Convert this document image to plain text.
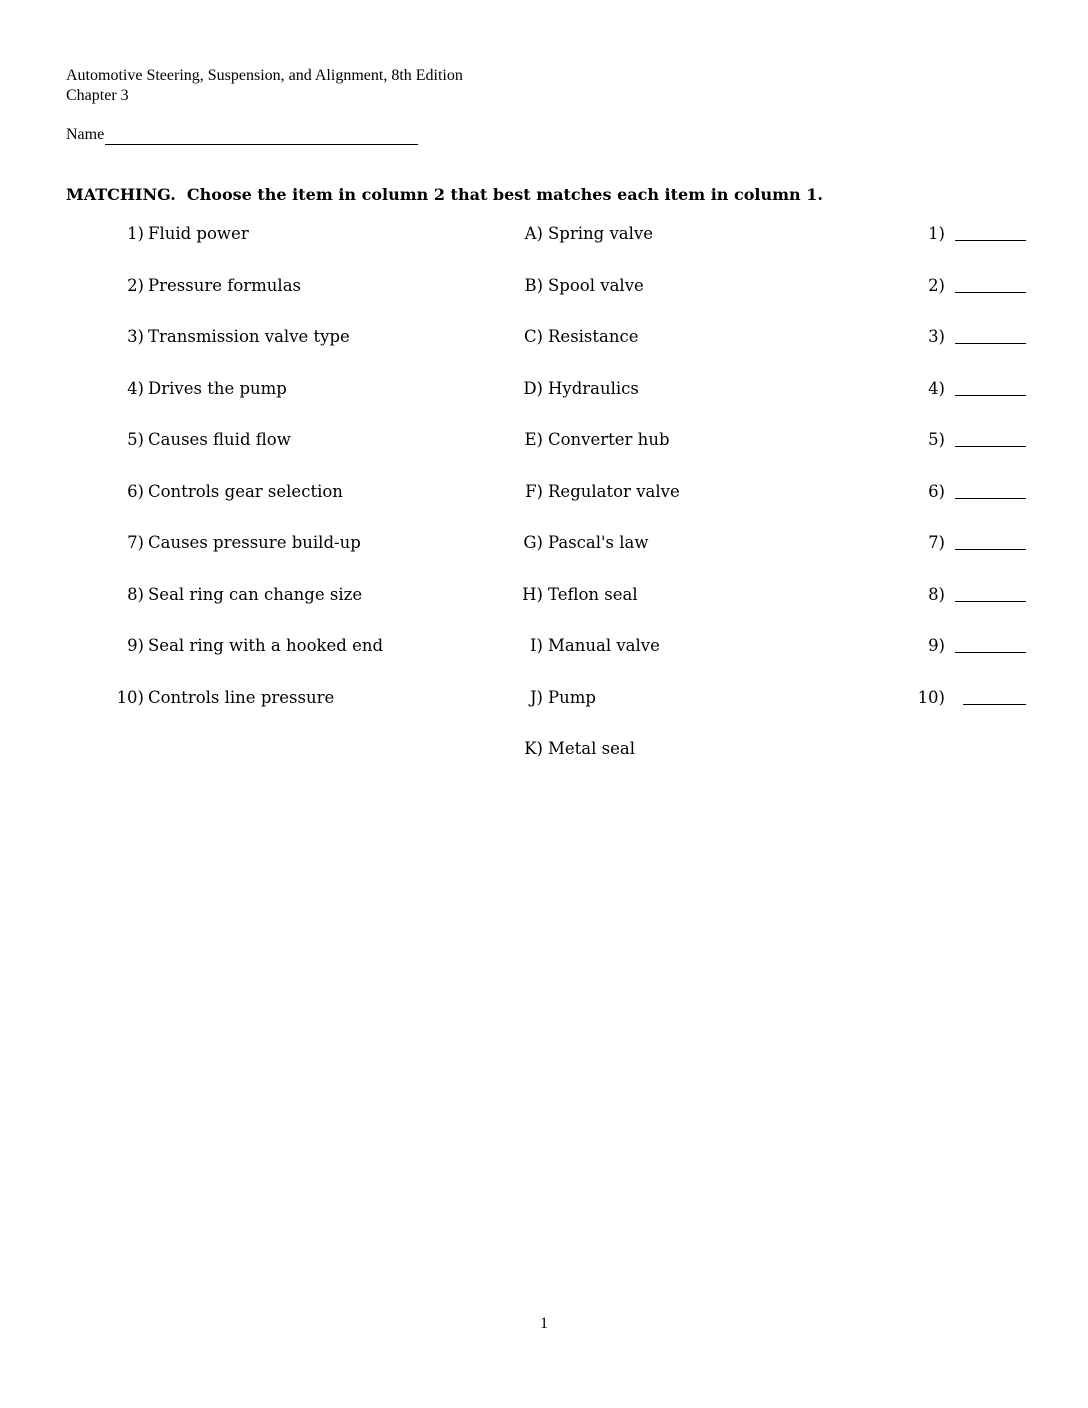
Automotive Steering, Suspension, and Alignment, 8th Edition
Chapter 3
Name
MATCHING.  Choose the item in column 2 that best matches each item in column 1.
1) Fluid power	A) Spring valve	1)
2) Pressure formulas	B) Spool valve	2)
3) Transmission valve type	C) Resistance	3)
4) Drives the pump	D) Hydraulics	4)
5) Causes fluid flow	E) Converter hub	5)
6) Controls gear selection	F) Regulator valve	6)
7) Causes pressure build-up	G) Pascal's law	7)
8) Seal ring can change size	H) Teflon seal	8)
9) Seal ring with a hooked end	I) Manual valve	9)
10) Controls line pressure	J) Pump	10)
K) Metal seal
1
